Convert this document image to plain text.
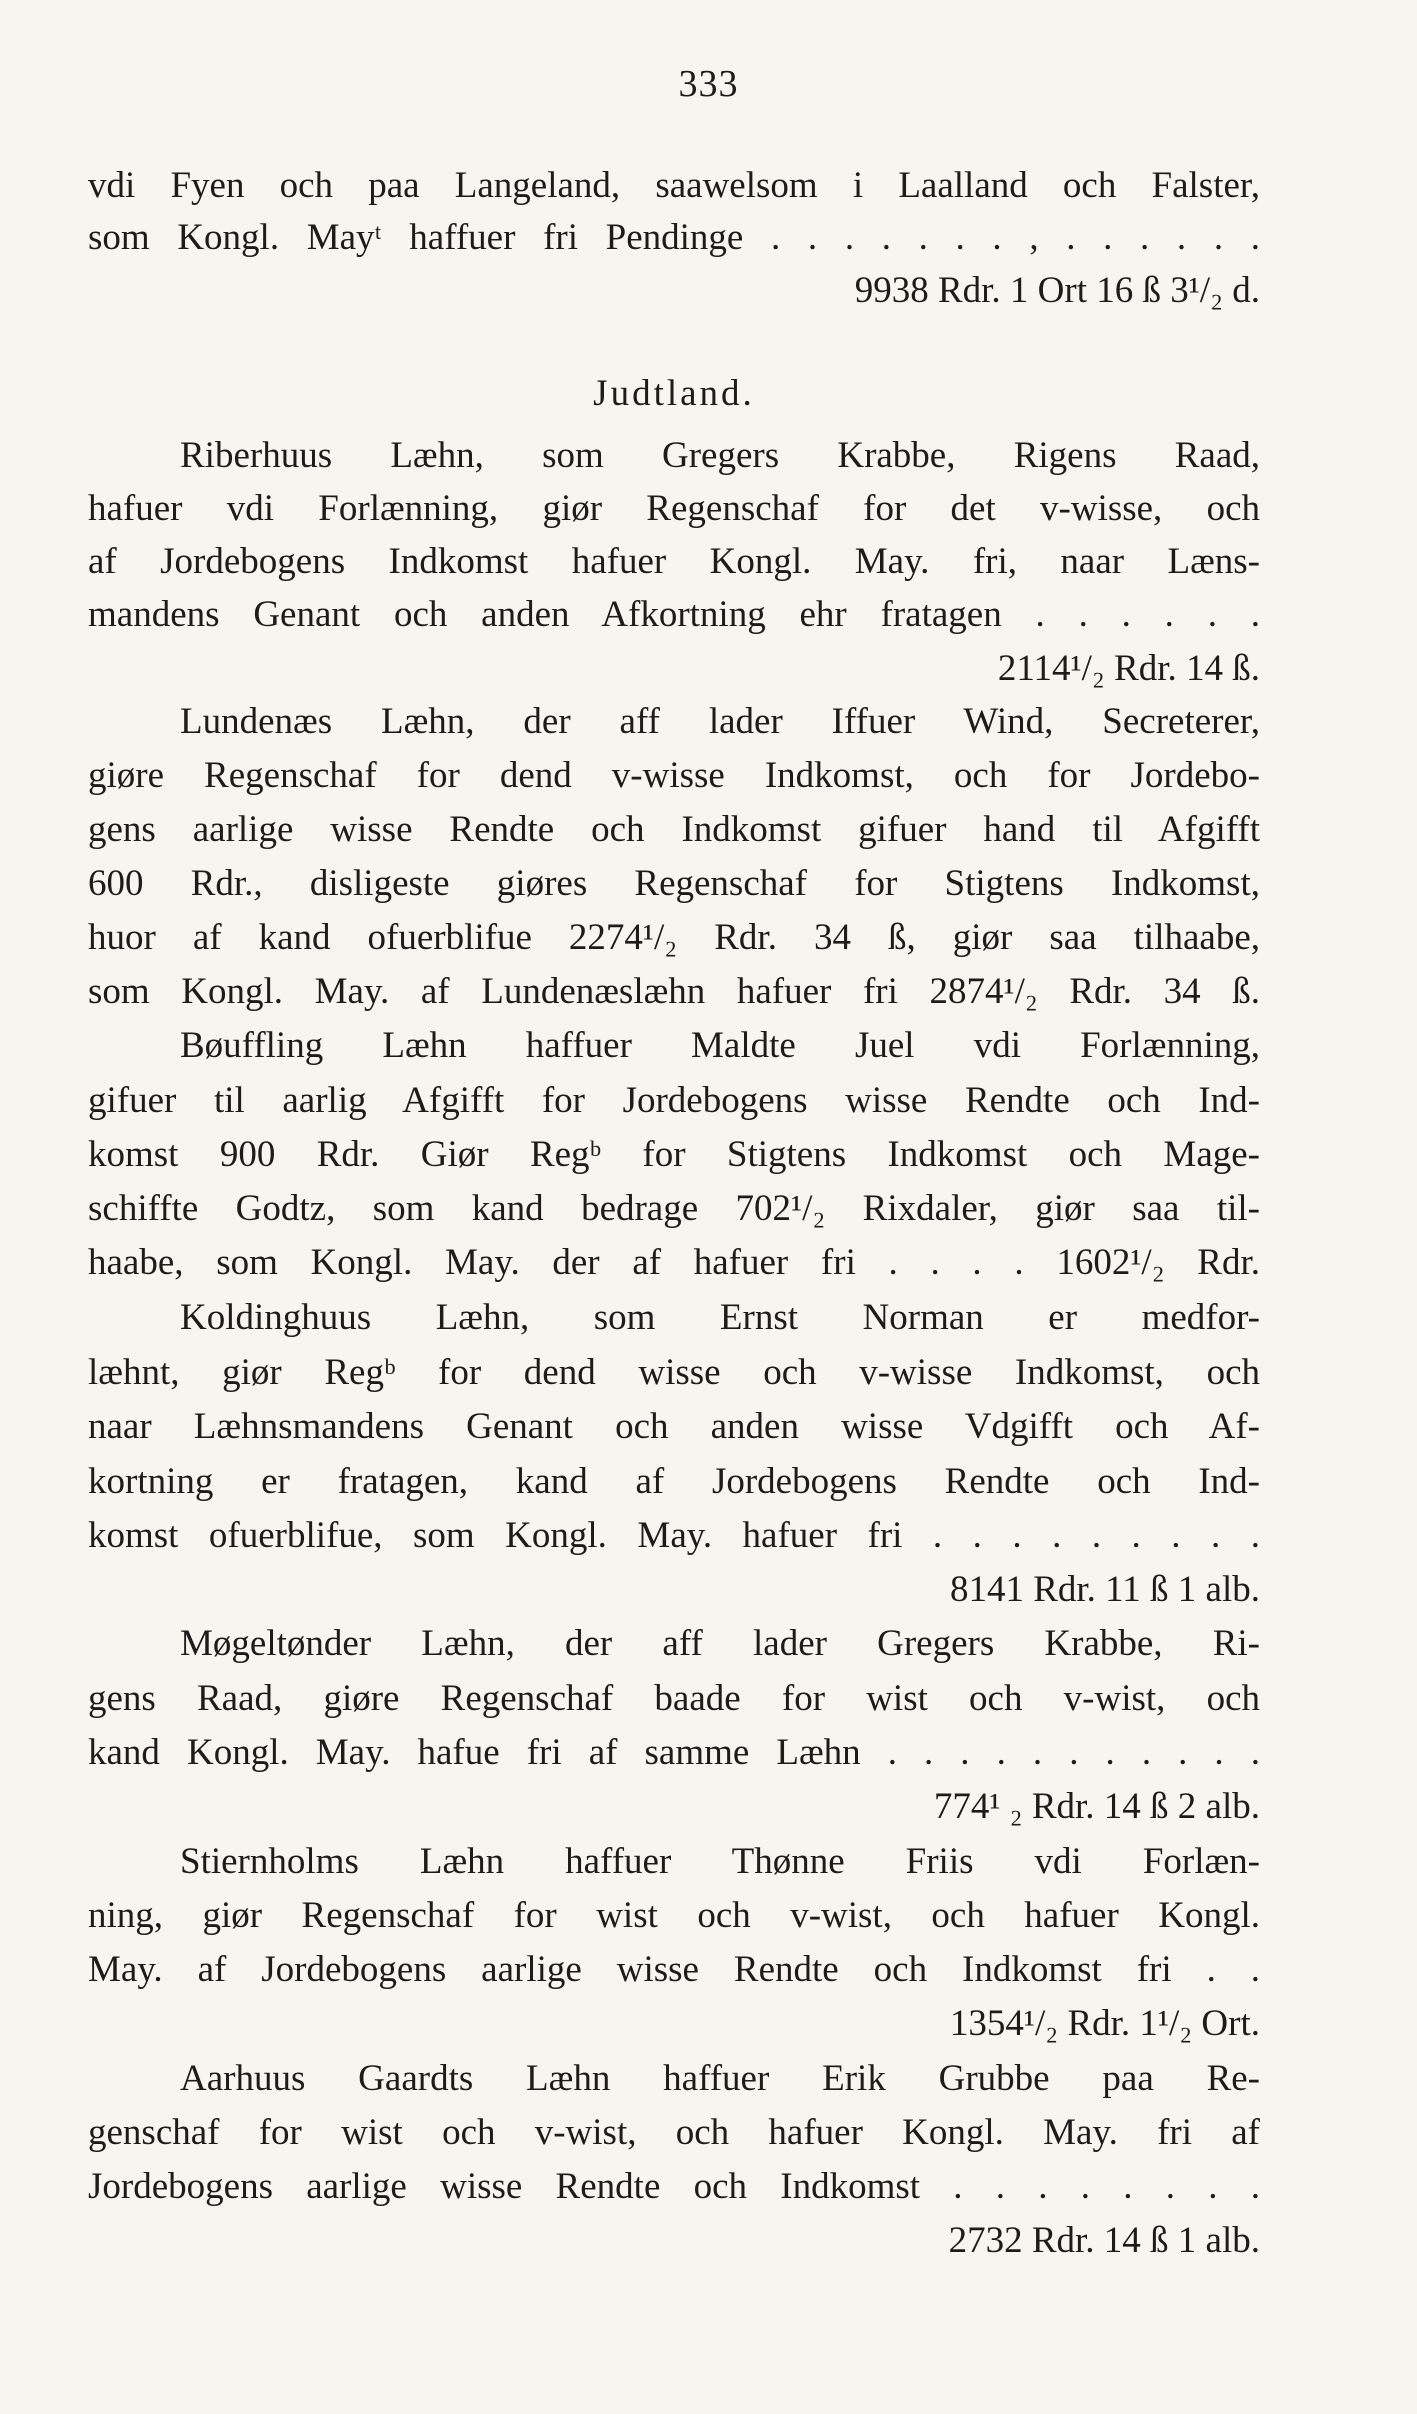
333
vdi Fyen och paa Langeland, saawelsom i Laalland och Falster,
som Kongl. Mayᵗ haffuer fri Pendinge . . . . . . . , . . . . . .
9938 Rdr. 1 Ort 16 ß 3¹/₂ d.
Judtland.
Riberhuus Læhn, som Gregers Krabbe, Rigens Raad,
hafuer vdi Forlænning, giør Regenschaf for det v-wisse, och
af Jordebogens Indkomst hafuer Kongl. May. fri, naar Læns-
mandens Genant och anden Afkortning ehr fratagen . . . . . .
2114¹/₂ Rdr. 14 ß.
Lundenæs Læhn, der aff lader Iffuer Wind, Secreterer,
giøre Regenschaf for dend v-wisse Indkomst, och for Jordebo-
gens aarlige wisse Rendte och Indkomst gifuer hand til Afgifft
600 Rdr., disligeste giøres Regenschaf for Stigtens Indkomst,
huor af kand ofuerblifue 2274¹/₂ Rdr. 34 ß, giør saa tilhaabe,
som Kongl. May. af Lundenæslæhn hafuer fri 2874¹/₂ Rdr. 34 ß.
Bøuffling Læhn haffuer Maldte Juel vdi Forlænning,
gifuer til aarlig Afgifft for Jordebogens wisse Rendte och Ind-
komst 900 Rdr. Giør Regᵇ for Stigtens Indkomst och Mage-
schiffte Godtz, som kand bedrage 702¹/₂ Rixdaler, giør saa til-
haabe, som Kongl. May. der af hafuer fri . . . . 1602¹/₂ Rdr.
Koldinghuus Læhn, som Ernst Norman er medfor-
læhnt, giør Regᵇ for dend wisse och v-wisse Indkomst, och
naar Læhnsmandens Genant och anden wisse Vdgifft och Af-
kortning er fratagen, kand af Jordebogens Rendte och Ind-
komst ofuerblifue, som Kongl. May. hafuer fri . . . . . . . . .
8141 Rdr. 11 ß 1 alb.
Møgeltønder Læhn, der aff lader Gregers Krabbe, Ri-
gens Raad, giøre Regenschaf baade for wist och v-wist, och
kand Kongl. May. hafue fri af samme Læhn . . . . . . . . . . .
774¹ ₂ Rdr. 14 ß 2 alb.
Stiernholms Læhn haffuer Thønne Friis vdi Forlæn-
ning, giør Regenschaf for wist och v-wist, och hafuer Kongl.
May. af Jordebogens aarlige wisse Rendte och Indkomst fri . .
1354¹/₂ Rdr. 1¹/₂ Ort.
Aarhuus Gaardts Læhn haffuer Erik Grubbe paa Re-
genschaf for wist och v-wist, och hafuer Kongl. May. fri af
Jordebogens aarlige wisse Rendte och Indkomst . . . . . . . .
2732 Rdr. 14 ß 1 alb.
